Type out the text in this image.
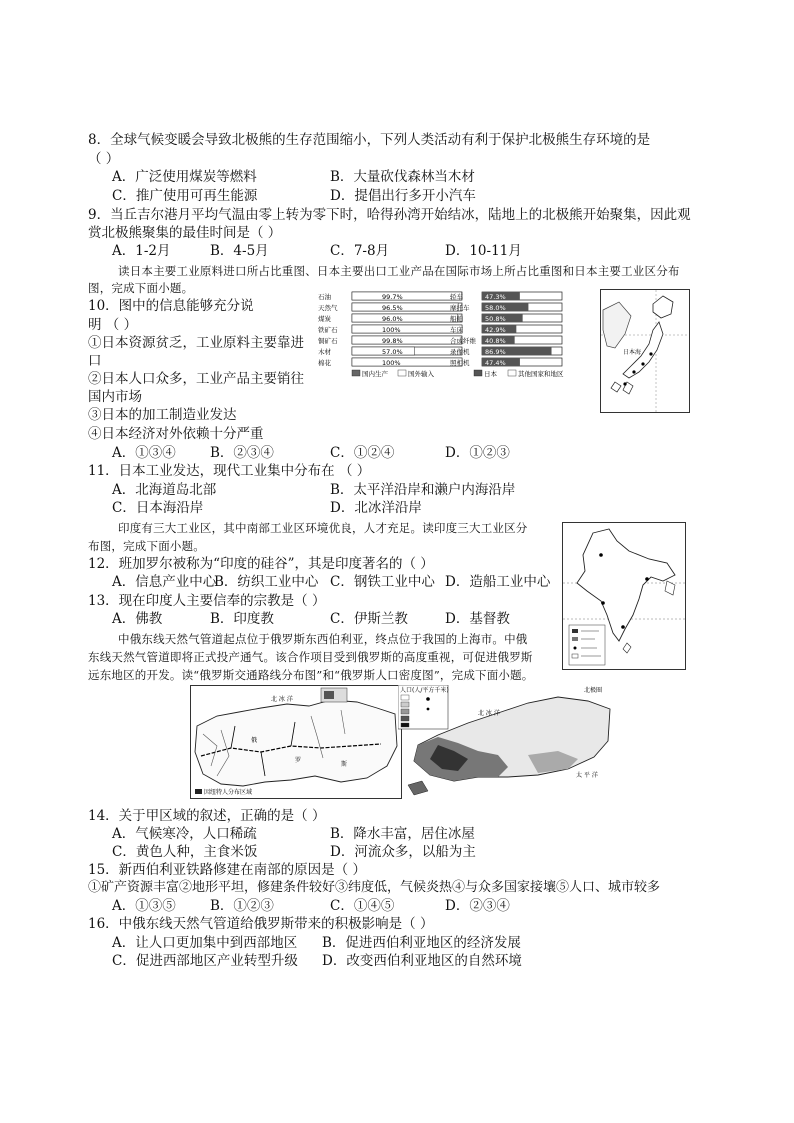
8．全球气候变暖会导致北极熊的生存范围缩小，下列人类活动有利于保护北极熊生存环境的是
（ ）
A．广泛使用煤炭等燃料	B．大量砍伐森林当木材
C．推广使用可再生能源	D．提倡出行多开小汽车
9．当丘吉尔港月平均气温由零上转为零下时，哈得孙湾开始结冰，陆地上的北极熊开始聚集，因此观
赏北极熊聚集的最佳时间是（ ）
A．1-2月	B．4-5月	C．7-8月	D．10-11月
读日本主要工业原料进口所占比重图、日本主要出口工业产品在国际市场上所占比重图和日本主要工业区分布
图，完成下面小题。
10．图中的信息能够充分说
明 （ ）
①日本资源贫乏，工业原料主要靠进
口
②日本人口众多，工业产品主要销往
国内市场
③日本的加工制造业发达
④日本经济对外依赖十分严重
A．①③④	B．②③④	C．①②④	D．①②③
石油	99.7%
天然气	96.5%
煤炭	96.0%
铁矿石	100%
铜矿石	99.8%
木材	57.0%
棉花	100%
国内生产	国外输入
轿车	47.3%
摩托车 58.0%
船舶	50.8%
车床	42.9%
合成纤维 40.8%
录像机 86.9%
照相机 47.4%
日本	其他国家和地区
日本海
11．日本工业发达，现代工业集中分布在 （ ）
A．北海道岛北部	B．太平洋沿岸和濑户内海沿岸
C．日本海沿岸	D．北冰洋沿岸
印度有三大工业区，其中南部工业区环境优良，人才充足。读印度三大工业区分
布图，完成下面小题。
12．班加罗尔被称为“印度的硅谷”，其是印度著名的（ ）
A．信息产业中心
B．纺织工业中心 C．钢铁工业中心 D．造船工业中心
13．现在印度人主要信奉的宗教是（ ）
A．佛教	B．印度教	C．伊斯兰教	D．基督教
中俄东线天然气管道起点位于俄罗斯东西伯利亚，终点位于我国的上海市。中俄
东线天然气管道即将正式投产通气。该合作项目受到俄罗斯的高度重视，可促进俄罗斯
远东地区的开发。读“俄罗斯交通路线分布图”和“俄罗斯人口密度图”，完成下面小题。
北 冰 洋
俄
罗
斯
因纽特人分布区域
人口(人/平方千米)
北 冰 洋
太 平 洋
北极圈
14．关于甲区域的叙述，正确的是（ ）
A．气候寒冷，人口稀疏	B．降水丰富，居住冰屋
C．黄色人种，主食米饭	D．河流众多，以船为主
15．新西伯利亚铁路修建在南部的原因是（ ）
①矿产资源丰富②地形平坦，修建条件较好③纬度低，气候炎热④与众多国家接壤⑤人口、城市较多
A．①③⑤	B．①②③	C．①④⑤	D．②③④
16．中俄东线天然气管道给俄罗斯带来的积极影响是（ ）
A．让人口更加集中到西部地区 B．促进西伯利亚地区的经济发展
C．促进西部地区产业转型升级 D．改变西伯利亚地区的自然环境
